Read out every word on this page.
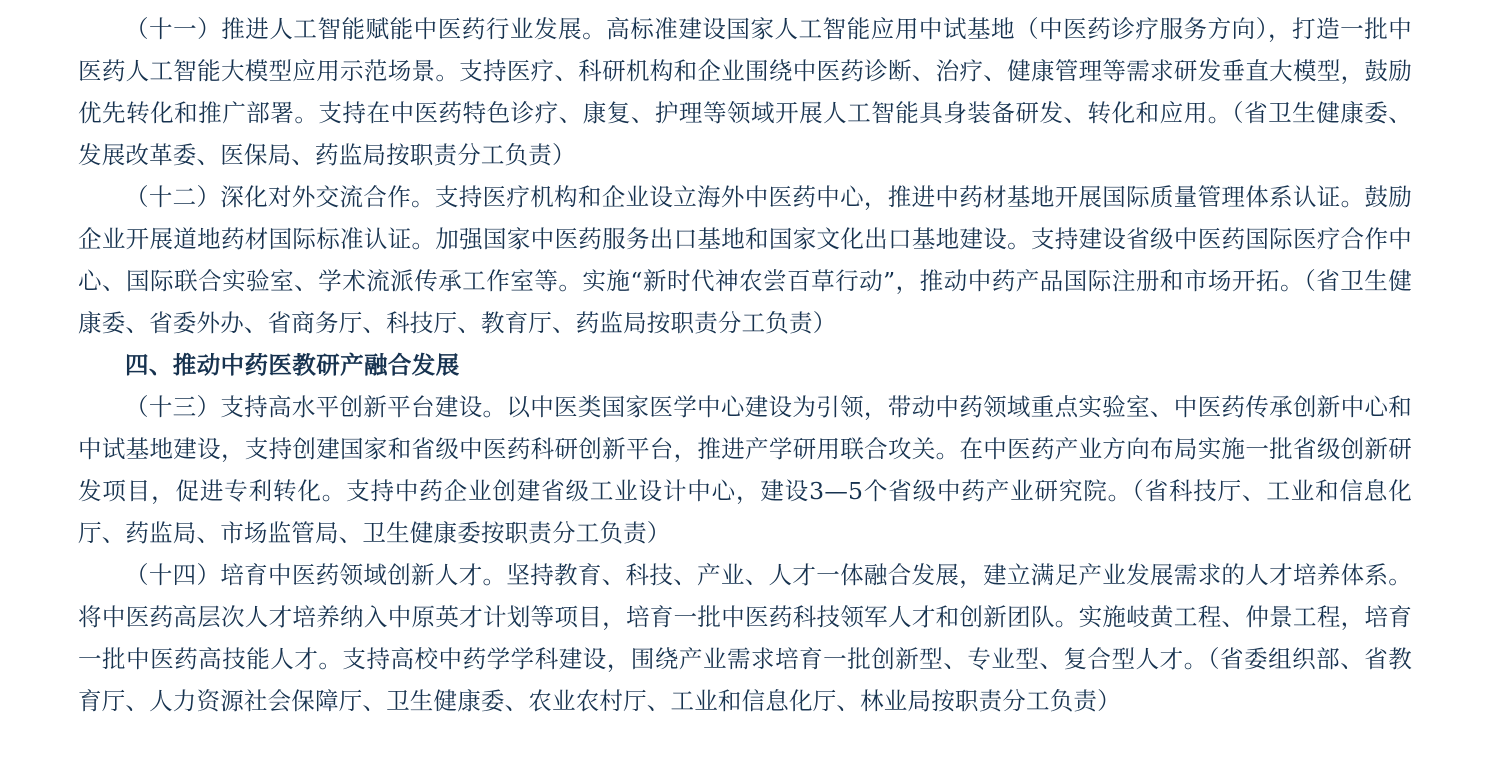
（十一）推进人工智能赋能中医药行业发展。高标准建设国家人工智能应用中试基地（中医药诊疗服务方向），打造一批中医药人工智能大模型应用示范场景。支持医疗、科研机构和企业围绕中医药诊断、治疗、健康管理等需求研发垂直大模型，鼓励优先转化和推广部署。支持在中医药特色诊疗、康复、护理等领域开展人工智能具身装备研发、转化和应用。（省卫生健康委、发展改革委、医保局、药监局按职责分工负责）

（十二）深化对外交流合作。支持医疗机构和企业设立海外中医药中心，推进中药材基地开展国际质量管理体系认证。鼓励企业开展道地药材国际标准认证。加强国家中医药服务出口基地和国家文化出口基地建设。支持建设省级中医药国际医疗合作中心、国际联合实验室、学术流派传承工作室等。实施“新时代神农尝百草行动”，推动中药产品国际注册和市场开拓。（省卫生健康委、省委外办、省商务厅、科技厅、教育厅、药监局按职责分工负责）

四、推动中药医教研产融合发展

（十三）支持高水平创新平台建设。以中医类国家医学中心建设为引领，带动中药领域重点实验室、中医药传承创新中心和中试基地建设，支持创建国家和省级中医药科研创新平台，推进产学研用联合攻关。在中医药产业方向布局实施一批省级创新研发项目，促进专利转化。支持中药企业创建省级工业设计中心，建设3—5个省级中药产业研究院。（省科技厅、工业和信息化厅、药监局、市场监管局、卫生健康委按职责分工负责）

（十四）培育中医药领域创新人才。坚持教育、科技、产业、人才一体融合发展，建立满足产业发展需求的人才培养体系。将中医药高层次人才培养纳入中原英才计划等项目，培育一批中医药科技领军人才和创新团队。实施岐黄工程、仲景工程，培育一批中医药高技能人才。支持高校中药学学科建设，围绕产业需求培育一批创新型、专业型、复合型人才。（省委组织部、省教育厅、人力资源社会保障厅、卫生健康委、农业农村厅、工业和信息化厅、林业局按职责分工负责）
